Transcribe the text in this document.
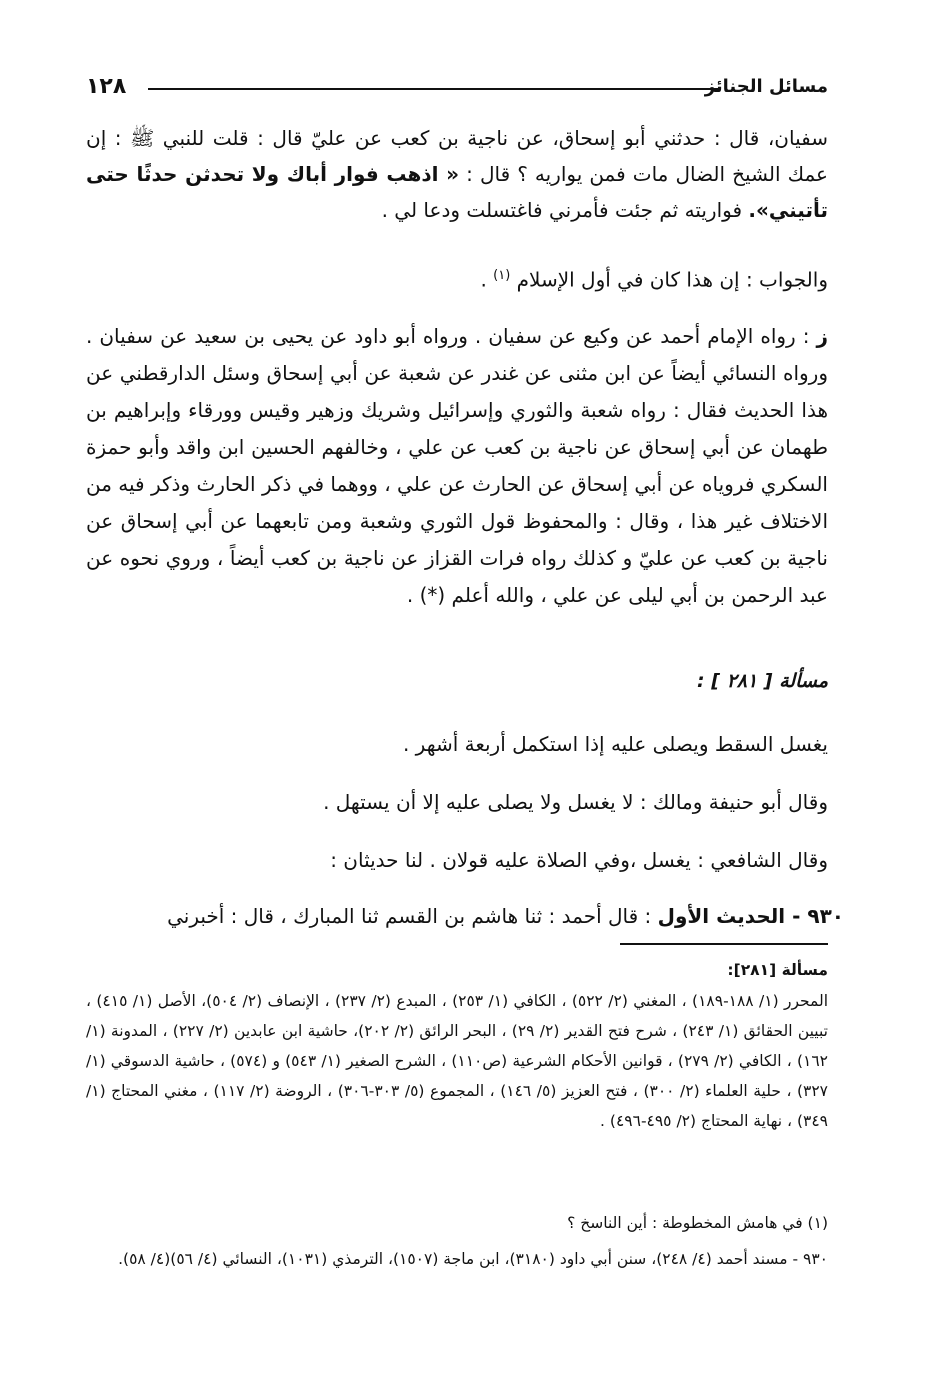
١٢٨	مسائل الجنائز
سفيان، قال : حدثني أبو إسحاق، عن ناجية بن كعب عن عليّ قال : قلت للنبي ﷺ : إن عمك الشيخ الضال مات فمن يواريه ؟ قال : « اذهب فوار أباك ولا تحدثن حدثًا حتى تأتيني». فواريته ثم جئت فأمرني فاغتسلت ودعا لي .
والجواب : إن هذا كان في أول الإسلام $^{(١)}$ .
ز : رواه الإمام أحمد عن وكيع عن سفيان . ورواه أبو داود عن يحيى بن سعيد عن سفيان . ورواه النسائي أيضاً عن ابن مثنى عن غندر عن شعبة عن أبي إسحاق وسئل الدارقطني عن هذا الحديث فقال : رواه شعبة والثوري وإسرائيل وشريك وزهير وقيس وورقاء وإبراهيم بن طهمان عن أبي إسحاق عن ناجية بن كعب عن علي ، وخالفهم الحسين ابن واقد وأبو حمزة السكري فروياه عن أبي إسحاق عن الحارث عن علي ، ووهما في ذكر الحارث وذكر فيه من الاختلاف غير هذا ، وقال : والمحفوظ قول الثوري وشعبة ومن تابعهما عن أبي إسحاق عن ناجية بن كعب عن عليّ و كذلك رواه فرات القزاز عن ناجية بن كعب أيضاً ، وروي نحوه عن عبد الرحمن بن أبي ليلى عن علي ، والله أعلم (*) .
مسألة [ ٢٨١ ] :
يغسل السقط ويصلى عليه إذا استكمل أربعة أشهر .
وقال أبو حنيفة ومالك : لا يغسل ولا يصلى عليه إلا أن يستهل .
وقال الشافعي : يغسل ،وفي الصلاة عليه قولان . لنا حديثان :
٩٣٠ - الحديث الأول : قال أحمد : ثنا هاشم بن القسم ثنا المبارك ، قال : أخبرني
مسألة [٢٨١]:
المحرر (١/ ١٨٨-١٨٩) ، المغني (٢/ ٥٢٢) ، الكافي (١/ ٢٥٣) ، المبدع (٢/ ٢٣٧) ، الإنصاف (٢/ ٥٠٤)، الأصل (١/ ٤١٥) ، تبيين الحقائق (١/ ٢٤٣) ، شرح فتح القدير (٢/ ٢٩) ، البحر الرائق (٢/ ٢٠٢)، حاشية ابن عابدين (٢/ ٢٢٧) ، المدونة (١/ ١٦٢) ، الكافي (٢/ ٢٧٩) ، قوانين الأحكام الشرعية (ص١١٠) ، الشرح الصغير (١/ ٥٤٣) و (٥٧٤) ، حاشية الدسوقي (١/ ٣٢٧) ، حلية العلماء (٢/ ٣٠٠) ، فتح العزيز (٥/ ١٤٦) ، المجموع (٥/ ٣٠٣-٣٠٦) ، الروضة (٢/ ١١٧) ، مغني المحتاج (١/ ٣٤٩) ، نهاية المحتاج (٢/ ٤٩٥-٤٩٦) .
(١) في هامش المخطوطة : أين الناسخ ؟
٩٣٠ - مسند أحمد (٤/ ٢٤٨)، سنن أبي داود (٣١٨٠)، ابن ماجة (١٥٠٧)، الترمذي (١٠٣١)، النسائي (٤/ ٥٦)(٤/ ٥٨).
